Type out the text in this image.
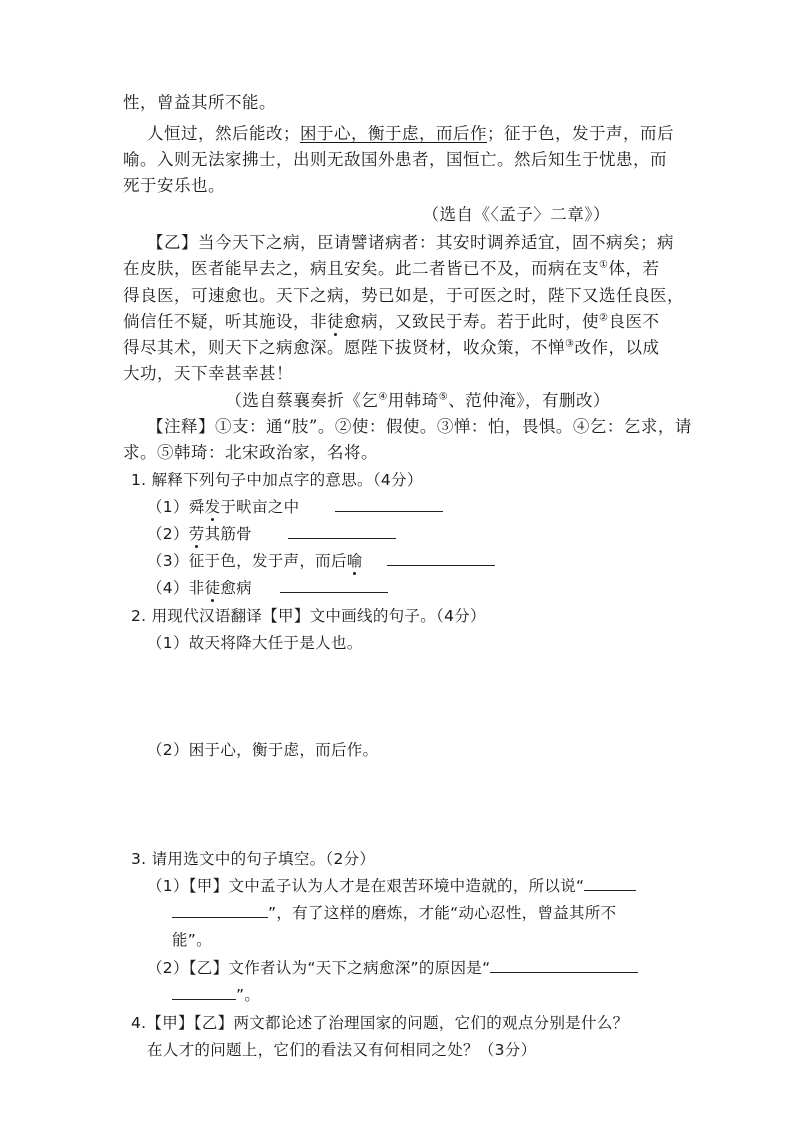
性，曾益其所不能。
人恒过，然后能改；困于心，衡于虑，而后作；征于色，发于声，而后
喻。入则无法家拂士，出则无敌国外患者，国恒亡。然后知生于忧患，而
死于安乐也。
（选自《〈孟子〉二章》）
【乙】当今天下之病，臣请譬诸病者：其安时调养适宜，固不病矣；病
在皮肤，医者能早去之，病且安矣。此二者皆已不及，而病在支①体，若
得良医，可速愈也。天下之病，势已如是，于可医之时，陛下又选任良医，
倘信任不疑，听其施设，非徒愈病，又致民于寿。若于此时，使②良医不
得尽其术，则天下之病愈深。愿陛下拔贤材，收众策，不惮③改作，以成
大功，天下幸甚幸甚！
（选自蔡襄奏折《乞④用韩琦⑤、范仲淹》，有删改）
【注释】①支：通“肢”。②使：假使。③惮：怕，畏惧。④乞：乞求，请
求。⑤韩琦：北宋政治家，名将。
1. 解释下列句子中加点字的意思。（4分）
（1）舜发于畎亩之中
（2）劳其筋骨
（3）征于色，发于声，而后喻
（4）非徒愈病
2. 用现代汉语翻译【甲】文中画线的句子。（4分）
（1）故天将降大任于是人也。
（2）困于心，衡于虑，而后作。
3. 请用选文中的句子填空。（2分）
（1）【甲】文中孟子认为人才是在艰苦环境中造就的，所以说“
”，有了这样的磨炼，才能“动心忍性，曾益其所不
能”。
（2）【乙】文作者认为“天下之病愈深”的原因是“
”。
4.【甲】【乙】两文都论述了治理国家的问题，它们的观点分别是什么？
在人才的问题上，它们的看法又有何相同之处？（3分）
